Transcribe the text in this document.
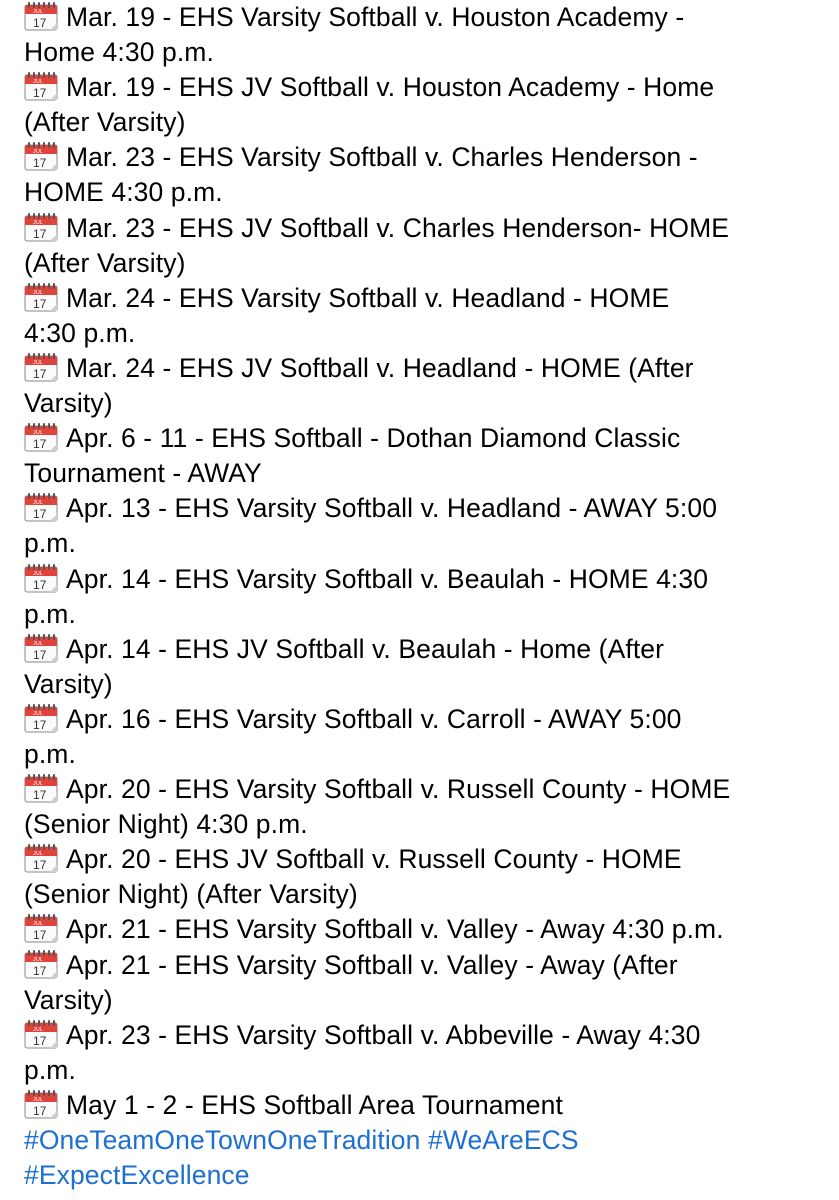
JUL
17 Mar. 19 - EHS Varsity Softball v. Houston Academy -
Home 4:30 p.m.
JUL
17 Mar. 19 - EHS JV Softball v. Houston Academy - Home
(After Varsity)
JUL
17 Mar. 23 - EHS Varsity Softball v. Charles Henderson -
HOME 4:30 p.m.
JUL
17 Mar. 23 - EHS JV Softball v. Charles Henderson- HOME
(After Varsity)
JUL
17 Mar. 24 - EHS Varsity Softball v. Headland - HOME
4:30 p.m.
JUL
17 Mar. 24 - EHS JV Softball v. Headland - HOME (After
Varsity)
JUL
17 Apr. 6 - 11 - EHS Softball - Dothan Diamond Classic
Tournament - AWAY
JUL
17 Apr. 13 - EHS Varsity Softball v. Headland - AWAY 5:00
p.m.
JUL
17 Apr. 14 - EHS Varsity Softball v. Beaulah - HOME 4:30
p.m.
JUL
17 Apr. 14 - EHS JV Softball v. Beaulah - Home (After
Varsity)
JUL
17 Apr. 16 - EHS Varsity Softball v. Carroll - AWAY 5:00
p.m.
JUL
17 Apr. 20 - EHS Varsity Softball v. Russell County - HOME
(Senior Night) 4:30 p.m.
JUL
17 Apr. 20 - EHS JV Softball v. Russell County - HOME
(Senior Night) (After Varsity)
JUL
17 Apr. 21 - EHS Varsity Softball v. Valley - Away 4:30 p.m.
JUL
17 Apr. 21 - EHS Varsity Softball v. Valley - Away (After
Varsity)
JUL
17 Apr. 23 - EHS Varsity Softball v. Abbeville - Away 4:30
p.m.
JUL
17 May 1 - 2 - EHS Softball Area Tournament
#OneTeamOneTownOneTradition #WeAreECS
#ExpectExcellence
